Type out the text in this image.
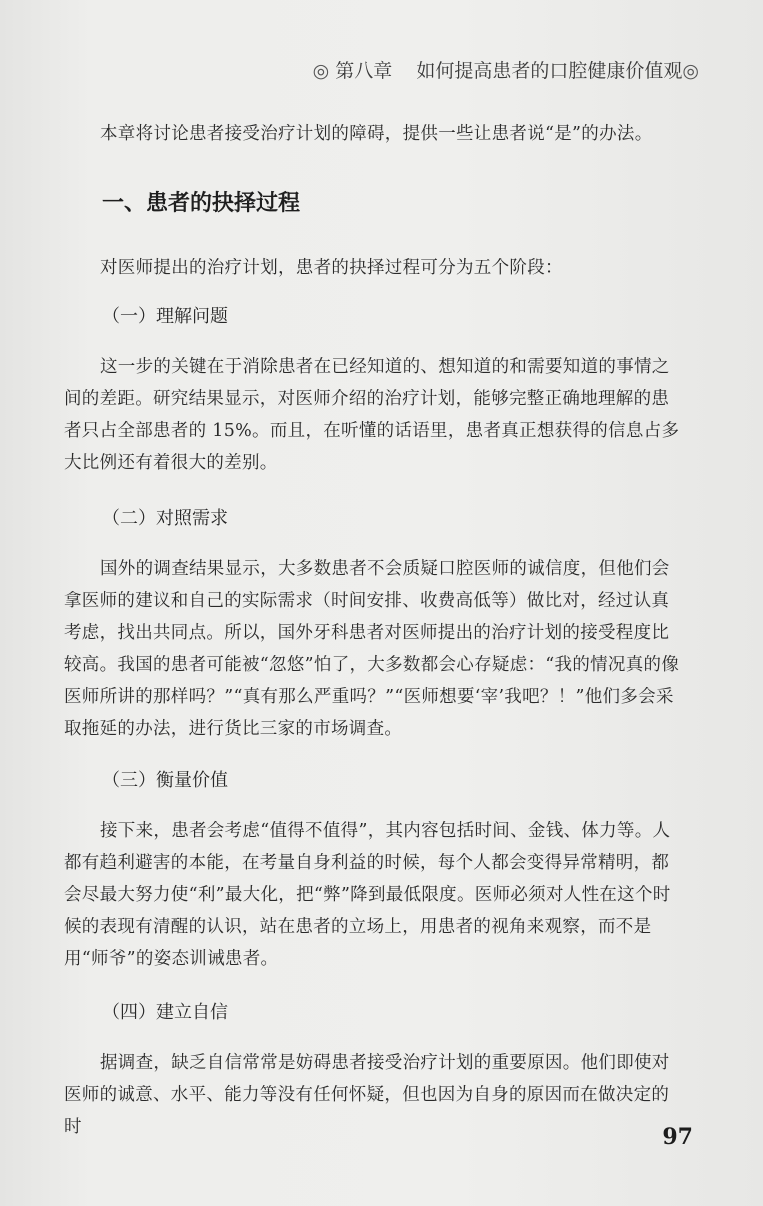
◎ 第八章 如何提高患者的口腔健康价值观◎
本章将讨论患者接受治疗计划的障碍，提供一些让患者说“是”的办法。
一、患者的抉择过程
对医师提出的治疗计划，患者的抉择过程可分为五个阶段：
（一）理解问题
这一步的关键在于消除患者在已经知道的、想知道的和需要知道的事情之间的差距。研究结果显示，对医师介绍的治疗计划，能够完整正确地理解的患者只占全部患者的 15%。而且，在听懂的话语里，患者真正想获得的信息占多大比例还有着很大的差别。
（二）对照需求
国外的调查结果显示，大多数患者不会质疑口腔医师的诚信度，但他们会拿医师的建议和自己的实际需求（时间安排、收费高低等）做比对，经过认真考虑，找出共同点。所以，国外牙科患者对医师提出的治疗计划的接受程度比较高。我国的患者可能被“忽悠”怕了，大多数都会心存疑虑：“我的情况真的像医师所讲的那样吗？”“真有那么严重吗？”“医师想要‘宰’我吧？！”他们多会采取拖延的办法，进行货比三家的市场调查。
（三）衡量价值
接下来，患者会考虑“值得不值得”，其内容包括时间、金钱、体力等。人都有趋利避害的本能，在考量自身利益的时候，每个人都会变得异常精明，都会尽最大努力使“利”最大化，把“弊”降到最低限度。医师必须对人性在这个时候的表现有清醒的认识，站在患者的立场上，用患者的视角来观察，而不是用“师爷”的姿态训诫患者。
（四）建立自信
据调查，缺乏自信常常是妨碍患者接受治疗计划的重要原因。他们即使对医师的诚意、水平、能力等没有任何怀疑，但也因为自身的原因而在做决定的时	97
